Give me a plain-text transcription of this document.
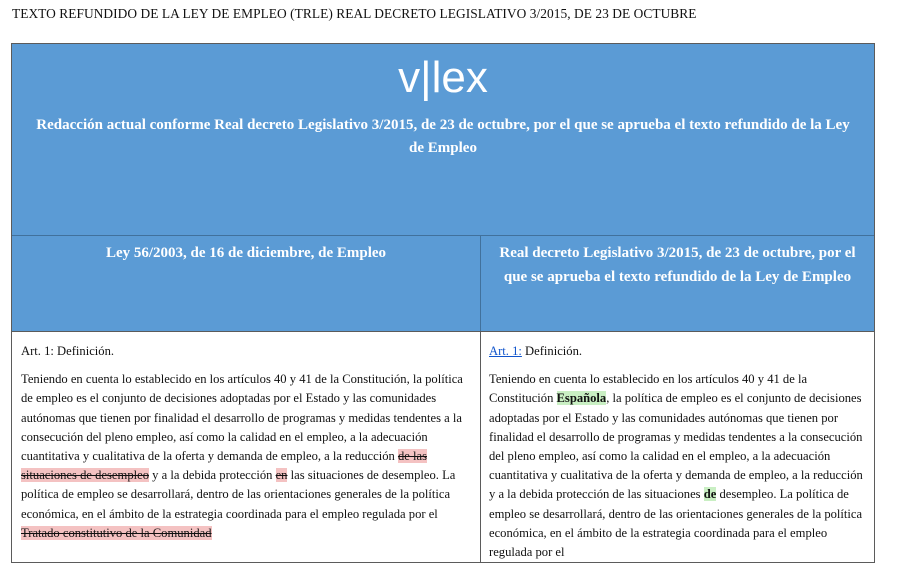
TEXTO REFUNDIDO DE LA LEY DE EMPLEO (TRLE) REAL DECRETO LEGISLATIVO 3/2015, DE 23 DE OCTUBRE
v|lex
Redacción actual conforme Real decreto Legislativo 3/2015, de 23 de octubre, por el que se aprueba el texto refundido de la Ley de Empleo
Ley 56/2003, de 16 de diciembre, de Empleo	Real decreto Legislativo 3/2015, de 23 de octubre, por el que se aprueba el texto refundido de la Ley de Empleo

Art. 1: Definición.

Teniendo en cuenta lo establecido en los artículos 40 y 41 de la Constitución, la política de empleo es el conjunto de decisiones adoptadas por el Estado y las comunidades autónomas que tienen por finalidad el desarrollo de programas y medidas tendentes a la consecución del pleno empleo, así como la calidad en el empleo, a la adecuación cuantitativa y cualitativa de la oferta y demanda de empleo, a la reducción de las situaciones de desempleo y a la debida protección en las situaciones de desempleo. La política de empleo se desarrollará, dentro de las orientaciones generales de la política económica, en el ámbito de la estrategia coordinada para el empleo regulada por el Tratado constitutivo de la Comunidad

Art. 1: Definición.

Teniendo en cuenta lo establecido en los artículos 40 y 41 de la Constitución Española, la política de empleo es el conjunto de decisiones adoptadas por el Estado y las comunidades autónomas que tienen por finalidad el desarrollo de programas y medidas tendentes a la consecución del pleno empleo, así como la calidad en el empleo, a la adecuación cuantitativa y cualitativa de la oferta y demanda de empleo, a la reducción y a la debida protección de las situaciones de desempleo. La política de empleo se desarrollará, dentro de las orientaciones generales de la política económica, en el ámbito de la estrategia coordinada para el empleo regulada por el
